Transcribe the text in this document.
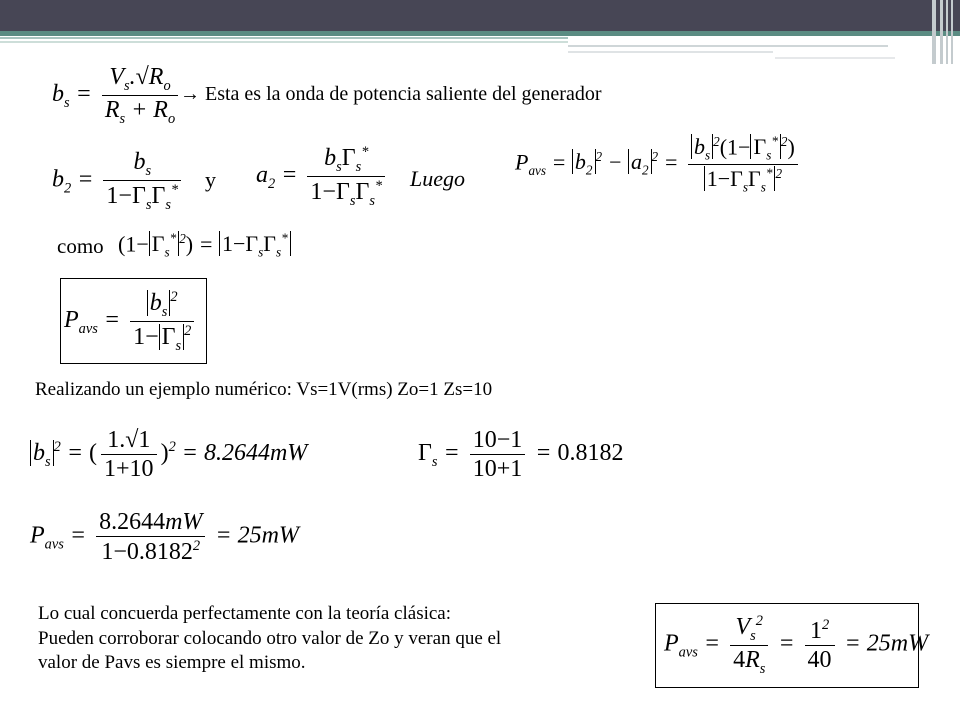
$b_s = \frac{V_s.√R_o}{R_s + R_o}$ → Esta es la onda de potencia saliente del generador
$b_2 = \frac{b_s}{1-\Gamma_s\Gamma_s^*}$ y $a_2 = \frac{b_s\Gamma_s^*}{1-\Gamma_s\Gamma_s^*}$ Luego
$P_{avs} = b_2^2 - a_2^2 = \frac{b_s^2(1- \Gamma_s^* ^2)}{1-\Gamma_s\Gamma_s^* ^2}$
como ($1- \Gamma_s^*$ $^2) = 1-\Gamma_s\Gamma_s^*$
$P_{avs} = \frac{b_s^2}{1- \Gamma_s^2}$
Realizando un ejemplo numérico: Vs=1V(rms) Zo=1 Zs=10
$b_s^2$ = ( $\frac{1.√1}{1+10} )^2 = 8.2644mW$	$\Gamma_s = \frac{10-1}{10+1} = 0.8182$
$P_{avs} = \frac{8.2644mW}{1-0.8182^2} = 25mW$
Lo cual concuerda perfectamente con la teoría clásica:
Pueden corroborar colocando otro valor de Zo y veran que el
valor de Pavs es siempre el mismo.
$P_{avs} = \frac{V_s^2}{4R_s} = \frac{1^2}{40} = 25mW$
